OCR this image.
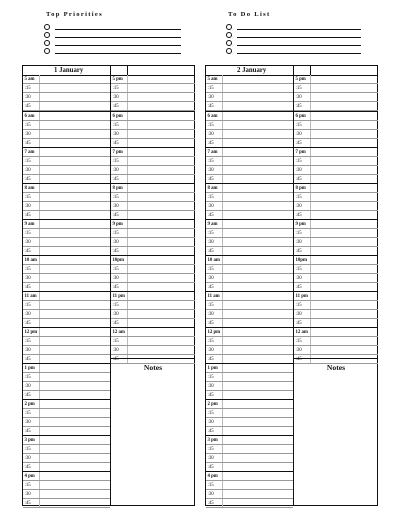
Top Priorities	To Do List
1 January
5 am
:15
:30
:45
6 am
:15
:30
:45
7 am
:15
:30
:45
8 am
:15
:30
:45
9 am
:15
:30
:45
10 am
:15
:30
:45
11 am
:15
:30
:45
12 pm
:15
:30
:45
1 pm
:15
:30
:45
2 pm
:15
:30
:45
3 pm
:15
:30
:45
4 pm
:15
:30
:45
5 pm
:15
:30
:45
6 pm
:15
:30
:45
7 pm
:15
:30
:45
8 pm
:15
:30
:45
9 pm
:15
:30
:45
10pm
:15
:30
:45
11 pm
:15
:30
:45
12 am
:15
:30
:45
Notes
2 January
5 am
:15
:30
:45
6 am
:15
:30
:45
7 am
:15
:30
:45
8 am
:15
:30
:45
9 am
:15
:30
:45
10 am
:15
:30
:45
11 am
:15
:30
:45
12 pm
:15
:30
:45
1 pm
:15
:30
:45
2 pm
:15
:30
:45
3 pm
:15
:30
:45
4 pm
:15
:30
:45
5 pm
:15
:30
:45
6 pm
:15
:30
:45
7 pm
:15
:30
:45
8 pm
:15
:30
:45
9 pm
:15
:30
:45
10pm
:15
:30
:45
11 pm
:15
:30
:45
12 am
:15
:30
:45
Notes
